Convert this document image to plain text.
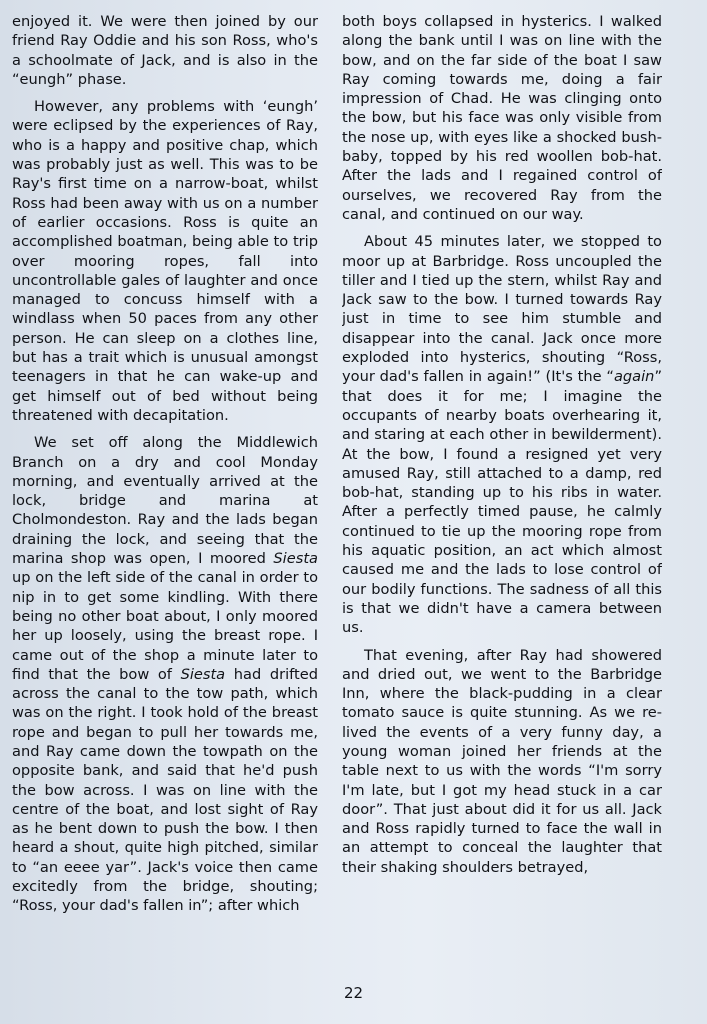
enjoyed it. We were then joined by our friend Ray Oddie and his son Ross, who's a schoolmate of Jack, and is also in the “eungh” phase.

However, any problems with ‘eungh’ were eclipsed by the experiences of Ray, who is a happy and positive chap, which was probably just as well. This was to be Ray's first time on a narrow-boat, whilst Ross had been away with us on a number of earlier occasions. Ross is quite an accomplished boatman, being able to trip over mooring ropes, fall into uncontrollable gales of laughter and once managed to concuss himself with a windlass when 50 paces from any other person. He can sleep on a clothes line, but has a trait which is unusual amongst teenagers in that he can wake-up and get himself out of bed without being threatened with decapitation.

We set off along the Middlewich Branch on a dry and cool Monday morning, and eventually arrived at the lock, bridge and marina at Cholmondeston. Ray and the lads began draining the lock, and seeing that the marina shop was open, I moored Siesta up on the left side of the canal in order to nip in to get some kindling. With there being no other boat about, I only moored her up loosely, using the breast rope. I came out of the shop a minute later to find that the bow of Siesta had drifted across the canal to the tow path, which was on the right. I took hold of the breast rope and began to pull her towards me, and Ray came down the towpath on the opposite bank, and said that he'd push the bow across. I was on line with the centre of the boat, and lost sight of Ray as he bent down to push the bow. I then heard a shout, quite high pitched, similar to “an eeee yar”. Jack's voice then came excitedly from the bridge, shouting; “Ross, your dad's fallen in”; after which

both boys collapsed in hysterics. I walked along the bank until I was on line with the bow, and on the far side of the boat I saw Ray coming towards me, doing a fair impression of Chad. He was clinging onto the bow, but his face was only visible from the nose up, with eyes like a shocked bush-baby, topped by his red woollen bob-hat. After the lads and I regained control of ourselves, we recovered Ray from the canal, and continued on our way.

About 45 minutes later, we stopped to moor up at Barbridge. Ross uncoupled the tiller and I tied up the stern, whilst Ray and Jack saw to the bow. I turned towards Ray just in time to see him stumble and disappear into the canal. Jack once more exploded into hysterics, shouting “Ross, your dad's fallen in again!” (It's the “again” that does it for me; I imagine the occupants of nearby boats overhearing it, and staring at each other in bewilderment). At the bow, I found a resigned yet very amused Ray, still attached to a damp, red bob-hat, standing up to his ribs in water. After a perfectly timed pause, he calmly continued to tie up the mooring rope from his aquatic position, an act which almost caused me and the lads to lose control of our bodily functions. The sadness of all this is that we didn't have a camera between us.

That evening, after Ray had showered and dried out, we went to the Barbridge Inn, where the black-pudding in a clear tomato sauce is quite stunning. As we re-lived the events of a very funny day, a young woman joined her friends at the table next to us with the words “I'm sorry I'm late, but I got my head stuck in a car door”. That just about did it for us all. Jack and Ross rapidly turned to face the wall in an attempt to conceal the laughter that their shaking shoulders betrayed,

22
